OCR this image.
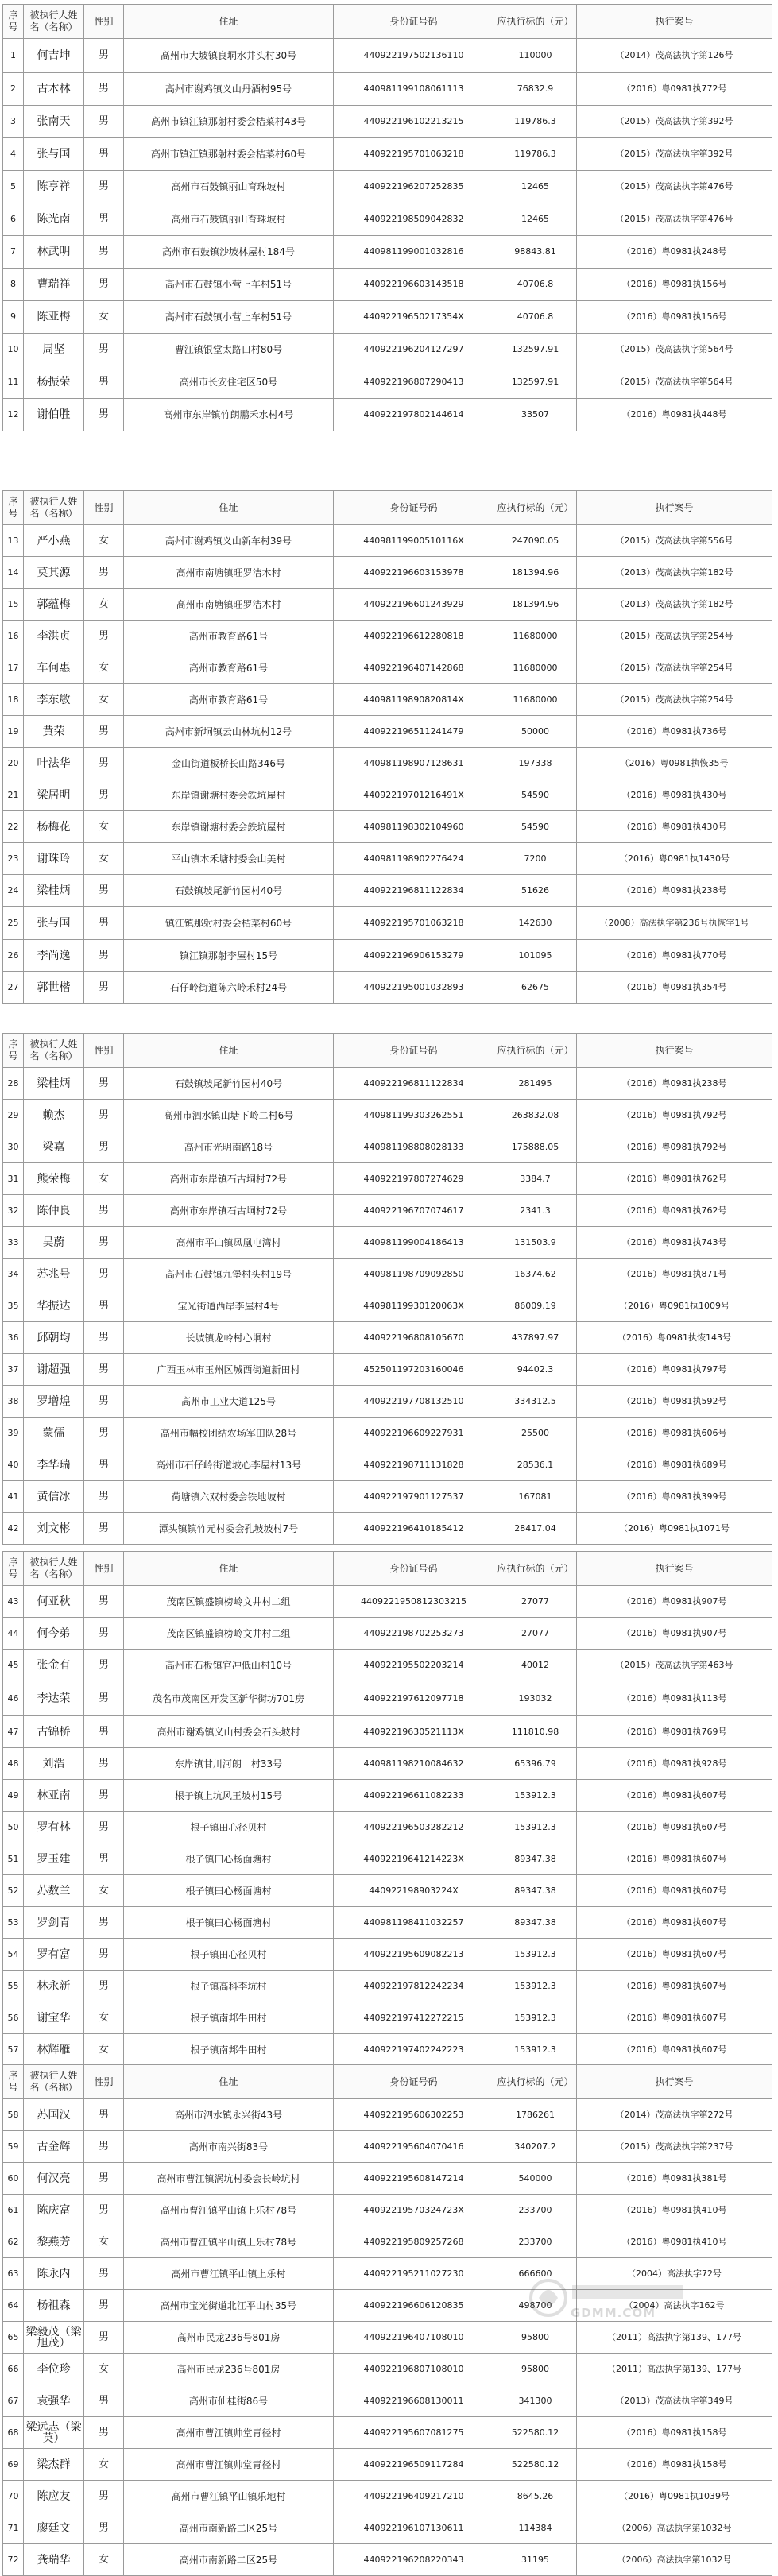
序号	被执行人姓名（名称）	性别	住址	身份证号码	应执行标的（元）	执行案号
1	何吉坤	男	高州市大坡镇良垌水井头村30号	440922197502136110	110000	（2014）茂高法执字第126号
2	古木林	男	高州市谢鸡镇义山丹酒村95号	440981199108061113	76832.9	（2016）粤0981执772号
3	张南天	男	高州市镇江镇那射村委会桔菜村43号	440922196102213215	119786.3	（2015）茂高法执字第392号
4	张与国	男	高州市镇江镇那射村委会桔菜村60号	440922195701063218	119786.3	（2015）茂高法执字第392号
5	陈亨祥	男	高州市石鼓镇丽山育珠坡村	440922196207252835	12465	（2015）茂高法执字第476号
6	陈光南	男	高州市石鼓镇丽山育珠坡村	440922198509042832	12465	（2015）茂高法执字第476号
7	林武明	男	高州市石鼓镇沙坡林屋村184号	440981199001032816	98843.81	（2016）粤0981执248号
8	曹瑞祥	男	高州市石鼓镇小营上车村51号	440922196603143518	40706.8	（2016）粤0981执156号
9	陈亚梅	女	高州市石鼓镇小营上车村51号	44092219650217354X	40706.8	（2016）粤0981执156号
10	周坚	男	曹江镇银堂太路口村80号	440922196204127297	132597.91	（2015）茂高法执字第564号
11	杨振荣	男	高州市长安住宅区50号	440922196807290413	132597.91	（2015）茂高法执字第564号
12	谢伯胜	男	高州市东岸镇竹朗鹏禾水村4号	440922197802144614	33507	（2016）粤0981执448号
序号	被执行人姓名（名称）	性别	住址	身份证号码	应执行标的（元）	执行案号
13	严小燕	女	高州市谢鸡镇义山新车村39号	44098119900510116X	247090.05	（2015）茂高法执字第556号
14	莫其源	男	高州市南塘镇旺罗洁木村	440922196603153978	181394.96	（2013）茂高法执字第182号
15	郭蕴梅	女	高州市南塘镇旺罗洁木村	440922196601243929	181394.96	（2013）茂高法执字第182号
16	李洪贞	男	高州市教育路61号	440922196612280818	11680000	（2015）茂高法执字第254号
17	车何惠	女	高州市教育路61号	440922196407142868	11680000	（2015）茂高法执字第254号
18	李东敏	女	高州市教育路61号	44098119890820814X	11680000	（2015）茂高法执字第254号
19	黄荣	男	高州市新垌镇云山林坑村12号	440922196511241479	50000	（2016）粤0981执736号
20	叶法华	男	金山街道板桥长山路346号	440981198907128631	197338	（2016）粤0981执恢35号
21	梁居明	男	东岸镇谢塘村委会鉄坑屋村	44092219701216491X	54590	（2016）粤0981执430号
22	杨梅花	女	东岸镇谢塘村委会鉄坑屋村	440981198302104960	54590	（2016）粤0981执430号
23	谢珠玲	女	平山镇木禾塘村委会山美村	440981198902276424	7200	（2016）粤0981执1430号
24	梁桂炳	男	石鼓镇坡尾新竹园村40号	440922196811122834	51626	（2016）粤0981执238号
25	张与国	男	镇江镇那射村委会桔菜村60号	440922195701063218	142630	（2008）高法执字第236号执恢字1号
26	李尚逸	男	镇江镇那射李屋村15号	440922196906153279	101095	（2016）粤0981执770号
27	郭世楷	男	石仔岭街道陈六岭禾村24号	440922195001032893	62675	（2016）粤0981执354号
序号	被执行人姓名（名称）	性别	住址	身份证号码	应执行标的（元）	执行案号
28	梁桂炳	男	石鼓镇坡尾新竹园村40号	440922196811122834	281495	（2016）粤0981执238号
29	赖杰	男	高州市泗水镇山塘下岭二村6号	440981199303262551	263832.08	（2016）粤0981执792号
30	梁嘉	男	高州市光明南路18号	440981198808028133	175888.05	（2016）粤0981执792号
31	熊荣梅	女	高州市东岸镇石古垌村72号	44092219780727462​9	3384.7	（2016）粤0981执762号
32	陈仲良	男	高州市东岸镇石古垌村72号	440922196707074617	2341.3	（2016）粤0981执762号
33	吴蔚	男	高州市平山镇凤凰屯湾村	440981199004186413	131503.9	（2016）粤0981执743号
34	苏兆号	男	高州市石鼓镇九堡村头村19号	440981198709092850	16374.62	（2016）粤0981执871号
35	华振达	男	宝光街道西岸李屋村4号	44098119930120063X	86009.19	（2016）粤0981执1009号
36	邱朝均	男	长坡镇龙岭村心垌村	440922196808105670	437897.97	（2016）粤0981执恢143号
37	谢超强	男	广西玉林市玉州区城西街道新田村	452501197203160046	94402.3	（2016）粤0981执797号
38	罗增煌	男	高州市工业大道125号	440922197708132510	334312.5	（2016）粤0981执592号
39	蒙儒	男	高州市幅校团结农场军田队28号	440922196609227931	25500	（2016）粤0981执606号
40	李华瑞	男	高州市石仔岭街道坡心李屋村13号	440922198711131828	28536.1	（2016）粤0981执689号
41	黄信冰	男	荷塘镇六双村委会铁地坡村	440922197901127537	167081	（2016）粤0981执399号
42	刘文彬	男	潭头镇镇竹元村委会孔坡坡村7号	440922196410185412	28417.04	（2016）粤0981执1071号
序号	被执行人姓名（名称）	性别	住址	身份证号码	应执行标的（元）	执行案号
43	何亚秋	男	茂南区镇盛镇榜岭文井村二组	440922195081230321​5	27077	（2016）粤0981执907号
44	何今弟	男	茂南区镇盛镇榜岭文井村二组	440922198702253273	27077	（2016）粤0981执907号
45	张金有	男	高州市石板镇官冲低山村10号	440922195502203214	40012	（2015）茂高法执字第463号
46	李达荣	男	茂名市茂南区开发区新华街坊701房	440922197612097718	193032	（2016）粤0981执113号
47	古锦桥	男	高州市谢鸡镇义山村委会石头坡村	44092219630521113X	111810.98	（2016）粤0981执769号
48	刘浩	男	东岸镇甘川河朗　村33号	440981198210084632	65396.79	（2016）粤0981执928号
49	林亚南	男	根子镇上坑风王坡村15号	440922196611082233	153912.3	（2016）粤0981执607号
50	罗有林	男	根子镇田心径贝村	440922196503282212	153912.3	（2016）粤0981执607号
51	罗玉建	男	根子镇田心杨面塘村	44092219641214223X	89347.38	（2016）粤0981执607号
52	苏数兰	女	根子镇田心杨面塘村	44092219890322​4X	89347.38	（2016）粤0981执607号
53	罗剑青	男	根子镇田心杨面塘村	440981198411032257	89347.38	（2016）粤0981执607号
54	罗有富	男	根子镇田心径贝村	440922195609082213	153912.3	（2016）粤0981执607号
55	林永新	男	根子镇高科李坑村	440922197812242234	153912.3	（2016）粤0981执607号
56	谢宝华	女	根子镇南邦牛田村	440922197412272215	153912.3	（2016）粤0981执607号
57	林辉雁	女	根子镇南邦牛田村	440922197402242223	153912.3	（2016）粤0981执607号
序号	被执行人姓名（名称）	性别	住址	身份证号码	应执行标的（元）	执行案号
58	苏国汉	男	高州市泗水镇永兴街43号	440922195606302253	1786261	（2014）茂高法执字第272号
59	古金辉	男	高州市南兴街83号	440922195604070416	340207.2	（2015）茂高法执字第237号
60	何汉亮	男	高州市曹江镇涡坑村委会长岭坑村	440922195608147214	540000	（2016）粤0981执381号
61	陈庆富	男	高州市曹江镇平山镇上乐村78号	44092219570324723X	233700	（2016）粤0981执410号
62	黎燕芳	女	高州市曹江镇平山镇上乐村78号	440922195809257268	233700	（2016）粤0981执410号
63	陈永内	男	高州市曹江镇平山镇上乐村	440922195211027230	666600	（2004）高法执字72号
64	杨祖森	男	高州市宝光街道北江平山村35号	440922196606120835	498700	（2004）高法执字162号
65	梁毅茂（梁旭茂）	男	高州市民龙236号801房	440922196407108010	95800	（2011）高法执字第139、177号
66	李位珍	女	高州市民龙236号801房	440922196807108010	95800	（2011）高法执字第139、177号
67	袁强华	男	高州市仙桂街86号	440922196608130011	341300	（2013）茂高法执字第349号
68	梁远志（梁英）	男	高州市曹江镇帅堂青径村	440922195607081275	522580.12	（2016）粤0981执158号
69	梁杰群	女	高州市曹江镇帅堂青径村	440922196509117284	522580.12	（2016）粤0981执158号
70	陈应友	男	高州市曹江镇平山镇乐地村	440922196409217210	8645.26	（2016）粤0981执1039号
71	廖廷文	男	高州市南新路二区25号	440922196107130611	114384	（2006）高法执字第1032号
72	龚瑞华	女	高州市南新路二区25号	440922196208220343	31195	（2006）高法执字第1032号
GDMM.COM
